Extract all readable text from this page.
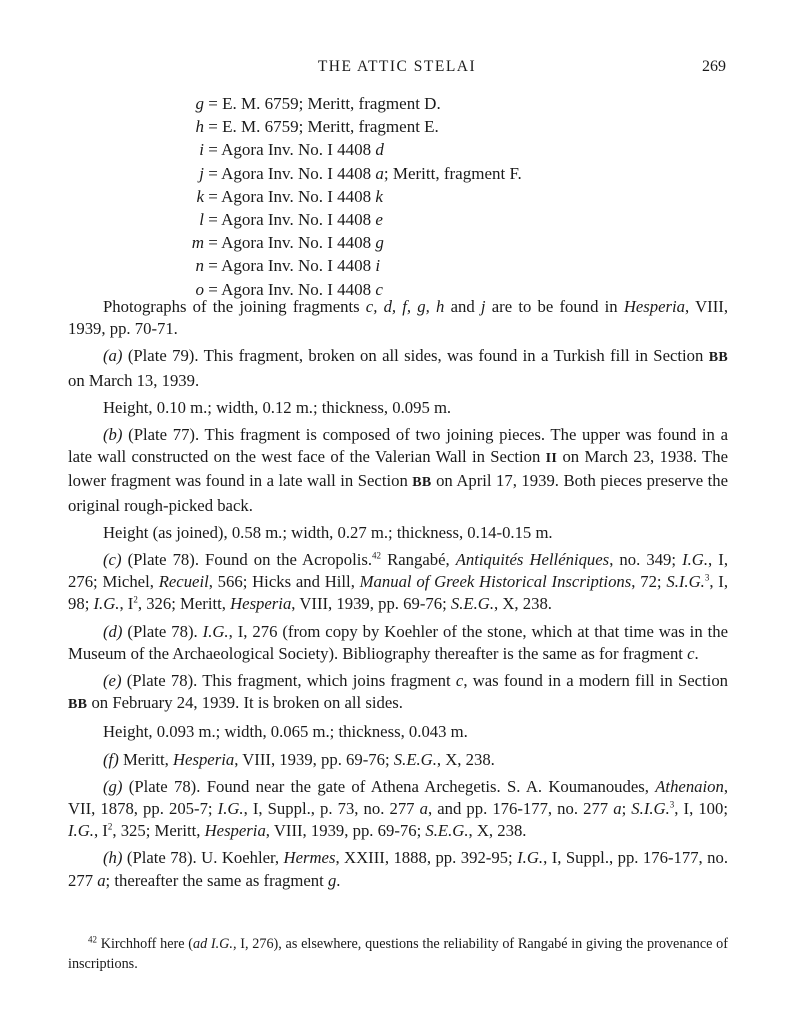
THE ATTIC STELAI	269
g = E. M. 6759; Meritt, fragment D.
h = E. M. 6759; Meritt, fragment E.
i = Agora Inv. No. I 4408 d
j = Agora Inv. No. I 4408 a; Meritt, fragment F.
k = Agora Inv. No. I 4408 k
l = Agora Inv. No. I 4408 e
m = Agora Inv. No. I 4408 g
n = Agora Inv. No. I 4408 i
o = Agora Inv. No. I 4408 c

Photographs of the joining fragments c, d, f, g, h and j are to be found in Hesperia, VIII, 1939, pp. 70-71.

(a) (Plate 79). This fragment, broken on all sides, was found in a Turkish fill in Section BB on March 13, 1939.

Height, 0.10 m.; width, 0.12 m.; thickness, 0.095 m.

(b) (Plate 77). This fragment is composed of two joining pieces. The upper was found in a late wall constructed on the west face of the Valerian Wall in Section II on March 23, 1938. The lower fragment was found in a late wall in Section BB on April 17, 1939. Both pieces preserve the original rough-picked back.

Height (as joined), 0.58 m.; width, 0.27 m.; thickness, 0.14-0.15 m.

(c) (Plate 78). Found on the Acropolis.$^{42}$ Rangabé, Antiquités Helléniques, no. 349; I.G., I, 276; Michel, Recueil, 566; Hicks and Hill, Manual of Greek Historical Inscriptions, 72; S.I.G.$^3$, I, 98; I.G., $I^2$, 326; Meritt, Hesperia, VIII, 1939, pp. 69-76; S.E.G., X, 238.

(d) (Plate 78). I.G., I, 276 (from copy by Koehler of the stone, which at that time was in the Museum of the Archaeological Society). Bibliography thereafter is the same as for fragment c.

(e) (Plate 78). This fragment, which joins fragment c, was found in a modern fill in Section BB on February 24, 1939. It is broken on all sides.

Height, 0.093 m.; width, 0.065 m.; thickness, 0.043 m.

(f) Meritt, Hesperia, VIII, 1939, pp. 69-76; S.E.G., X, 238.

(g) (Plate 78). Found near the gate of Athena Archegetis. S. A. Koumanoudes, Athenaion, VII, 1878, pp. 205-7; I.G., I, Suppl., p. 73, no. 277 a, and pp. 176-177, no. 277 a; S.I.G.$^3$, I, 100; I.G., $I^2$, 325; Meritt, Hesperia, VIII, 1939, pp. 69-76; S.E.G., X, 238.

(h) (Plate 78). U. Koehler, Hermes, XXIII, 1888, pp. 392-95; I.G., I, Suppl., pp. 176-177, no. 277 a; thereafter the same as fragment g.

$^{42}$ Kirchhoff here (ad I.G., I, 276), as elsewhere, questions the reliability of Rangabé in giving the provenance of inscriptions.
